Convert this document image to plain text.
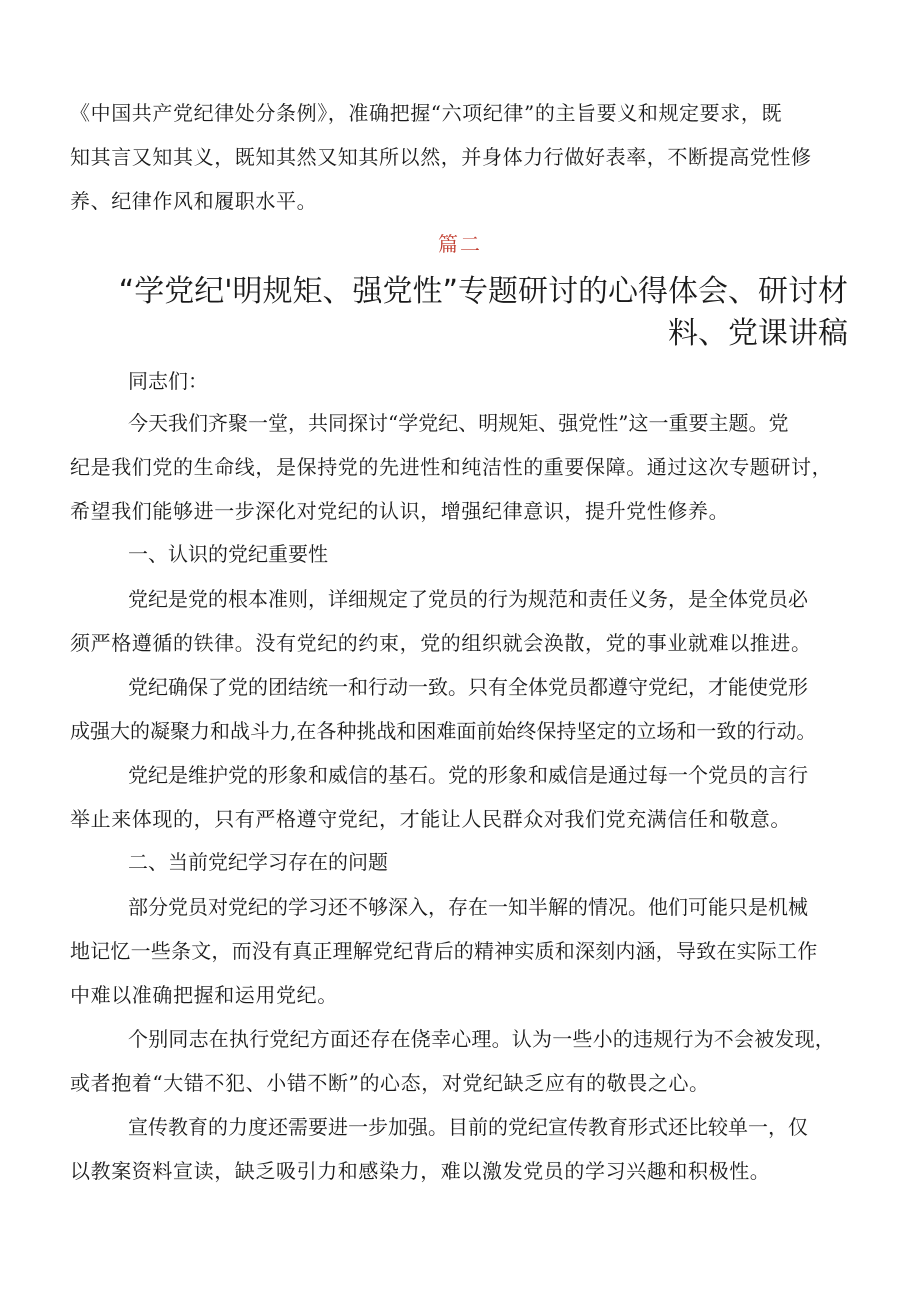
《中国共产党纪律处分条例》，准确把握“六项纪律”的主旨要义和规定要求，既
知其言又知其义，既知其然又知其所以然，并身体力行做好表率，不断提高党性修
养、纪律作风和履职水平。
篇二
“学党纪'明规矩、强党性”专题研讨的心得体会、研讨材
料、党课讲稿
同志们：
今天我们齐聚一堂，共同探讨“学党纪、明规矩、强党性”这一重要主题。党
纪是我们党的生命线，是保持党的先进性和纯洁性的重要保障。通过这次专题研讨，
希望我们能够进一步深化对党纪的认识，增强纪律意识，提升党性修养。
一、认识的党纪重要性
党纪是党的根本准则，详细规定了党员的行为规范和责任义务，是全体党员必
须严格遵循的铁律。没有党纪的约束，党的组织就会涣散，党的事业就难以推进。
党纪确保了党的团结统一和行动一致。只有全体党员都遵守党纪，才能使党形
成强大的凝聚力和战斗力,在各种挑战和困难面前始终保持坚定的立场和一致的行动。
党纪是维护党的形象和威信的基石。党的形象和威信是通过每一个党员的言行
举止来体现的，只有严格遵守党纪，才能让人民群众对我们党充满信任和敬意。
二、当前党纪学习存在的问题
部分党员对党纪的学习还不够深入，存在一知半解的情况。他们可能只是机械
地记忆一些条文，而没有真正理解党纪背后的精神实质和深刻内涵，导致在实际工作
中难以准确把握和运用党纪。
个别同志在执行党纪方面还存在侥幸心理。认为一些小的违规行为不会被发现，
或者抱着“大错不犯、小错不断”的心态，对党纪缺乏应有的敬畏之心。
宣传教育的力度还需要进一步加强。目前的党纪宣传教育形式还比较单一，仅
以教案资料宣读，缺乏吸引力和感染力，难以激发党员的学习兴趣和积极性。
